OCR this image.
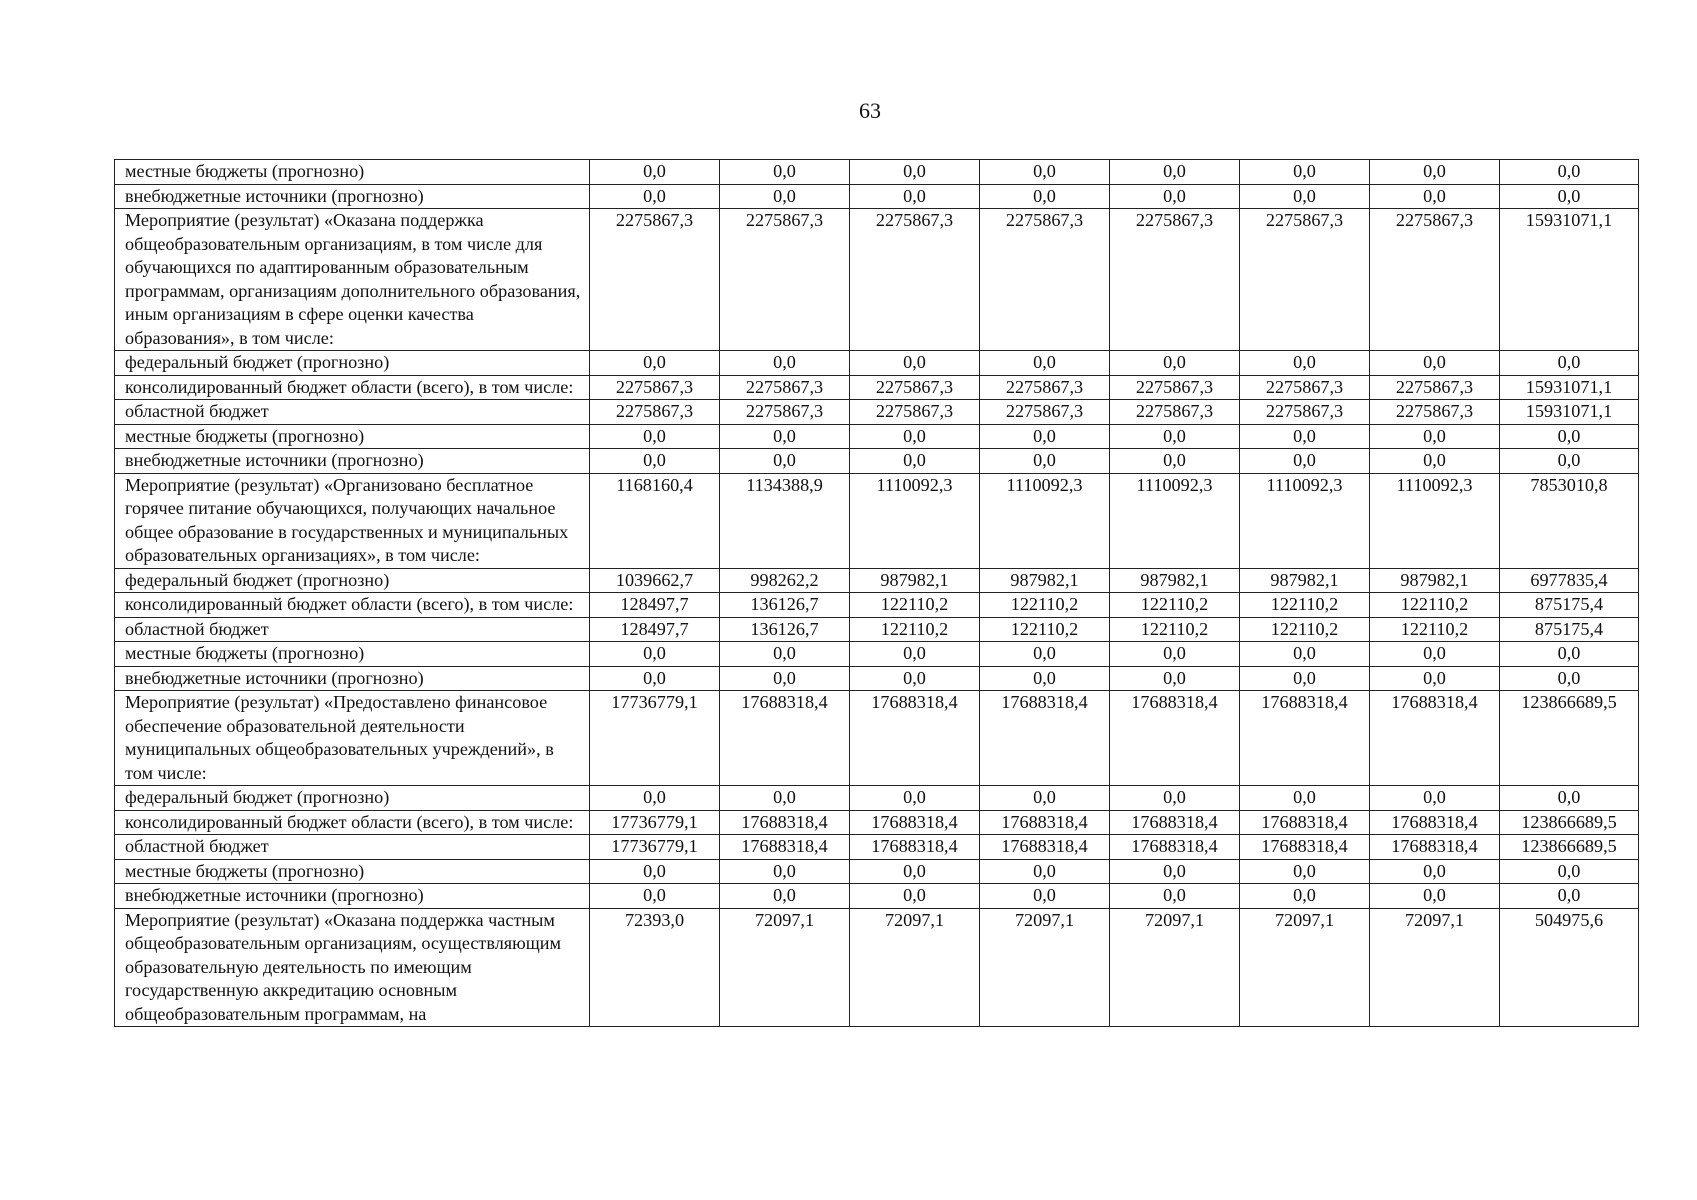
63
местные бюджеты (прогнозно)	0,0	0,0	0,0	0,0	0,0	0,0	0,0	0,0
внебюджетные источники (прогнозно)	0,0	0,0	0,0	0,0	0,0	0,0	0,0	0,0
Мероприятие (результат) «Оказана поддержка общеобразовательным организациям, в том числе для обучающихся по адаптированным образовательным программам, организациям дополнительного образования, иным организациям в сфере оценки качества образования», в том числе:	2275867,3	2275867,3	2275867,3	2275867,3	2275867,3	2275867,3	2275867,3	15931071,1
федеральный бюджет (прогнозно)	0,0	0,0	0,0	0,0	0,0	0,0	0,0	0,0
консолидированный бюджет области (всего), в том числе:	2275867,3	2275867,3	2275867,3	2275867,3	2275867,3	2275867,3	2275867,3	15931071,1
областной бюджет	2275867,3	2275867,3	2275867,3	2275867,3	2275867,3	2275867,3	2275867,3	15931071,1
местные бюджеты (прогнозно)	0,0	0,0	0,0	0,0	0,0	0,0	0,0	0,0
внебюджетные источники (прогнозно)	0,0	0,0	0,0	0,0	0,0	0,0	0,0	0,0
Мероприятие (результат) «Организовано бесплатное горячее питание обучающихся, получающих начальное общее образование в государственных и муниципальных образовательных организациях», в том числе:	1168160,4	1134388,9	1110092,3	1110092,3	1110092,3	1110092,3	1110092,3	7853010,8
федеральный бюджет (прогнозно)	1039662,7	998262,2	987982,1	987982,1	987982,1	987982,1	987982,1	6977835,4
консолидированный бюджет области (всего), в том числе:	128497,7	136126,7	122110,2	122110,2	122110,2	122110,2	122110,2	875175,4
областной бюджет	128497,7	136126,7	122110,2	122110,2	122110,2	122110,2	122110,2	875175,4
местные бюджеты (прогнозно)	0,0	0,0	0,0	0,0	0,0	0,0	0,0	0,0
внебюджетные источники (прогнозно)	0,0	0,0	0,0	0,0	0,0	0,0	0,0	0,0
Мероприятие (результат) «Предоставлено финансовое обеспечение образовательной деятельности муниципальных общеобразовательных учреждений», в том числе:	17736779,1	17688318,4	17688318,4	17688318,4	17688318,4	17688318,4	17688318,4	123866689,5
федеральный бюджет (прогнозно)	0,0	0,0	0,0	0,0	0,0	0,0	0,0	0,0
консолидированный бюджет области (всего), в том числе:	17736779,1	17688318,4	17688318,4	17688318,4	17688318,4	17688318,4	17688318,4	123866689,5
областной бюджет	17736779,1	17688318,4	17688318,4	17688318,4	17688318,4	17688318,4	17688318,4	123866689,5
местные бюджеты (прогнозно)	0,0	0,0	0,0	0,0	0,0	0,0	0,0	0,0
внебюджетные источники (прогнозно)	0,0	0,0	0,0	0,0	0,0	0,0	0,0	0,0
Мероприятие (результат) «Оказана поддержка частным общеобразовательным организациям, осуществляющим образовательную деятельность по имеющим государственную аккредитацию основным общеобразовательным программам, на	72393,0	72097,1	72097,1	72097,1	72097,1	72097,1	72097,1	504975,6
